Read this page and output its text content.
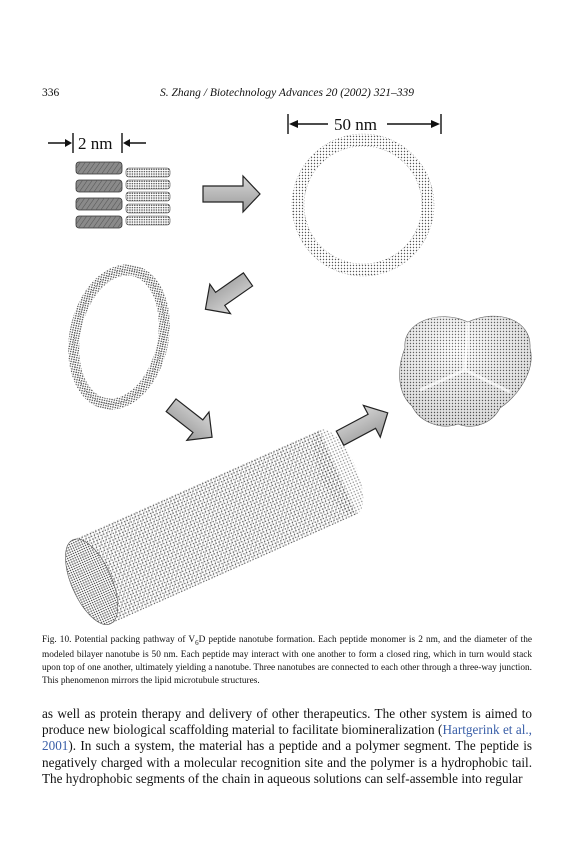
336	S. Zhang / Biotechnology Advances 20 (2002) 321–339
2 nm
50 nm

Fig. 10. Potential packing pathway of $V_6D$ peptide nanotube formation. Each peptide monomer is 2 nm, and the diameter of the modeled bilayer nanotube is 50 nm. Each peptide may interact with one another to form a closed ring, which in turn would stack upon top of one another, ultimately yielding a nanotube. Three nanotubes are connected to each other through a three-way junction. This phenomenon mirrors the lipid microtubule structures.

as well as protein therapy and delivery of other therapeutics. The other system is aimed to produce new biological scaffolding material to facilitate biomineralization (Hartgerink et al., 2001). In such a system, the material has a peptide and a polymer segment. The peptide is negatively charged with a molecular recognition site and the polymer is a hydrophobic tail. The hydrophobic segments of the chain in aqueous solutions can self-assemble into regular
